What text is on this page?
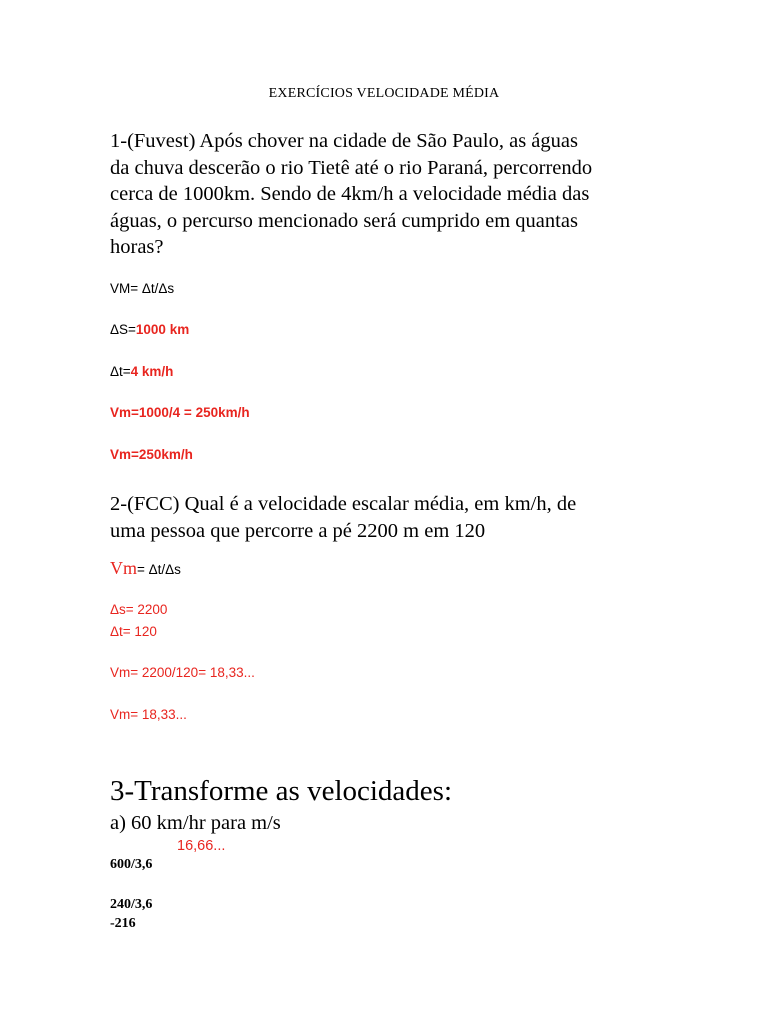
EXERCÍCIOS VELOCIDADE MÉDIA
1-(Fuvest) Após chover na cidade de São Paulo, as águas
da chuva descerão o rio Tietê até o rio Paraná, percorrendo
cerca de 1000km. Sendo de 4km/h a velocidade média das
águas, o percurso mencionado será cumprido em quantas
horas?
VM= Δt/Δs
ΔS=1000 km
Δt=4 km/h
Vm=1000/4 = 250km/h
Vm=250km/h
2-(FCC) Qual é a velocidade escalar média, em km/h, de
uma pessoa que percorre a pé 2200 m em 120
Vm= Δt/Δs
Δs= 2200
Δt= 120
Vm= 2200/120= 18,33...
Vm= 18,33...
3-Transforme as velocidades:
a) 60 km/hr para m/s
16,66...
600/3,6
240/3,6
-216
